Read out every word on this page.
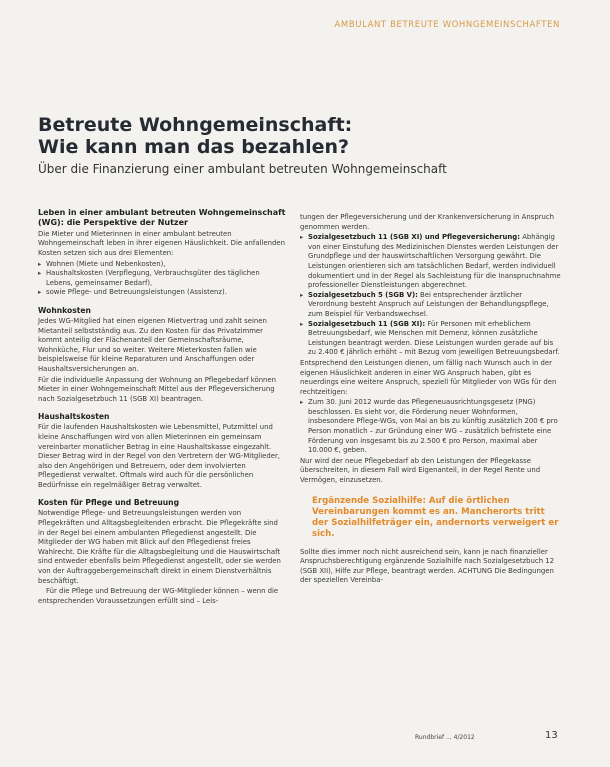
AMBULANT BETREUTE WOHNGEMEINSCHAFTEN
Betreute Wohngemeinschaft:
Wie kann man das bezahlen?

Über die Finanzierung einer ambulant betreuten Wohngemeinschaft

Leben in einer ambulant betreuten Wohngemeinschaft (WG): die Perspektive der Nutzer

Die Mieter und Mieterinnen in einer ambulant betreuten Wohngemeinschaft leben in ihrer eigenen Häuslichkeit. Die anfallenden Kosten setzen sich aus drei Elementen:

▸ Wohnen (Miete und Nebenkosten),
▸ Haushaltskosten (Verpflegung, Verbrauchsgüter des täglichen Lebens, gemeinsamer Bedarf),
▸ sowie Pflege- und Betreuungsleistungen (Assistenz).
Wohnkosten

Jedes WG-Mitglied hat einen eigenen Mietvertrag und zahlt seinen Mietanteil selbstständig aus. Zu den Kosten für das Privatzimmer kommt anteilig der Flächenanteil der Gemeinschaftsräume, Wohnküche, Flur und so weiter. Weitere Mieterkosten fallen wie beispielsweise für kleine Reparaturen und Anschaffungen oder Haushaltsversicherungen an.

Für die individuelle Anpassung der Wohnung an Pflegebedarf können Mieter in einer Wohngemeinschaft Mittel aus der Pflegeversicherung nach Sozialgesetzbuch 11 (SGB XI) beantragen.

Haushaltskosten

Für die laufenden Haushaltskosten wie Lebensmittel, Putzmittel und kleine Anschaffungen wird von allen Mieterinnen ein gemeinsam vereinbarter monatlicher Betrag in eine Haushaltskasse eingezahlt. Dieser Betrag wird in der Regel von den Vertretern der WG-Mitglieder, also den Angehörigen und Betreuern, oder dem involvierten Pflegedienst verwaltet. Oftmals wird auch für die persönlichen Bedürfnisse ein regelmäßiger Betrag verwaltet.

Kosten für Pflege und Betreuung

Notwendige Pflege- und Betreuungsleistungen werden von Pflegekräften und Alltagsbegleitenden erbracht. Die Pflegekräfte sind in der Regel bei einem ambulanten Pflegedienst angestellt. Die Mitglieder der WG haben mit Blick auf den Pflegedienst freies Wahlrecht. Die Kräfte für die Alltagsbegleitung und die Hauswirtschaft sind entweder ebenfalls beim Pflegedienst angestellt, oder sie werden von der Auftraggebergemeinschaft direkt in einem Dienstverhältnis beschäftigt.

Für die Pflege und Betreuung der WG-Mitglieder können – wenn die entsprechenden Voraussetzungen erfüllt sind – Leis-

tungen der Pflegeversicherung und der Krankenversicherung in Anspruch genommen werden.

▸ Sozialgesetzbuch 11 (SGB XI) und Pflegeversicherung: Abhängig von einer Einstufung des Medizinischen Dienstes werden Leistungen der Grundpflege und der hauswirtschaftlichen Versorgung gewährt. Die Leistungen orientieren sich am tatsächlichen Bedarf, werden individuell dokumentiert und in der Regel als Sachleistung für die Inanspruchnahme professioneller Dienstleistungen abgerechnet.
▸ Sozialgesetzbuch 5 (SGB V): Bei entsprechender ärztlicher Verordnung besteht Anspruch auf Leistungen der Behandlungspflege, zum Beispiel für Verbandswechsel.
▸ Sozialgesetzbuch 11 (SGB XI): Für Personen mit erheblichem Betreuungsbedarf, wie Menschen mit Demenz, können zusätzliche Leistungen beantragt werden. Diese Leistungen wurden gerade auf bis zu 2.400 € jährlich erhöht – mit Bezug vom jeweiligen Betreuungsbedarf.

Entsprechend den Leistungen dienen, um fällig nach Wunsch auch in der eigenen Häuslichkeit anderen in einer WG Anspruch haben, gibt es neuerdings eine weitere Anspruch, speziell für Mitglieder von WGs für den rechtzeitigen:

▸ Zum 30. Juni 2012 wurde das Pflegeneuausrichtungsgesetz (PNG) beschlossen. Es sieht vor, die Förderung neuer Wohnformen, insbesondere Pflege-WGs, von Mai an bis zu künftig zusätzlich 200 € pro Person monatlich – zur Gründung einer WG – zusätzlich befristete eine Förderung von insgesamt bis zu 2.500 € pro Person, maximal aber 10.000 €, geben.

Nur wird der neue Pflegebedarf ab den Leistungen der Pflegekasse überschreiten, in diesem Fall wird Eigenanteil, in der Regel Rente und Vermögen, einzusetzen.

Ergänzende Sozialhilfe: Auf die örtlichen Vereinbarungen kommt es an. Mancherorts tritt der Sozialhilfeträger ein, andernorts verweigert er sich.

Sollte dies immer noch nicht ausreichend sein, kann je nach finanzieller Anspruchsberechtigung ergänzende Sozialhilfe nach Sozialgesetzbuch 12 (SGB XII), Hilfe zur Pflege, beantragt werden. ACHTUNG Die Bedingungen der speziellen Vereinba-

Rundbrief ... 4/2012	13
